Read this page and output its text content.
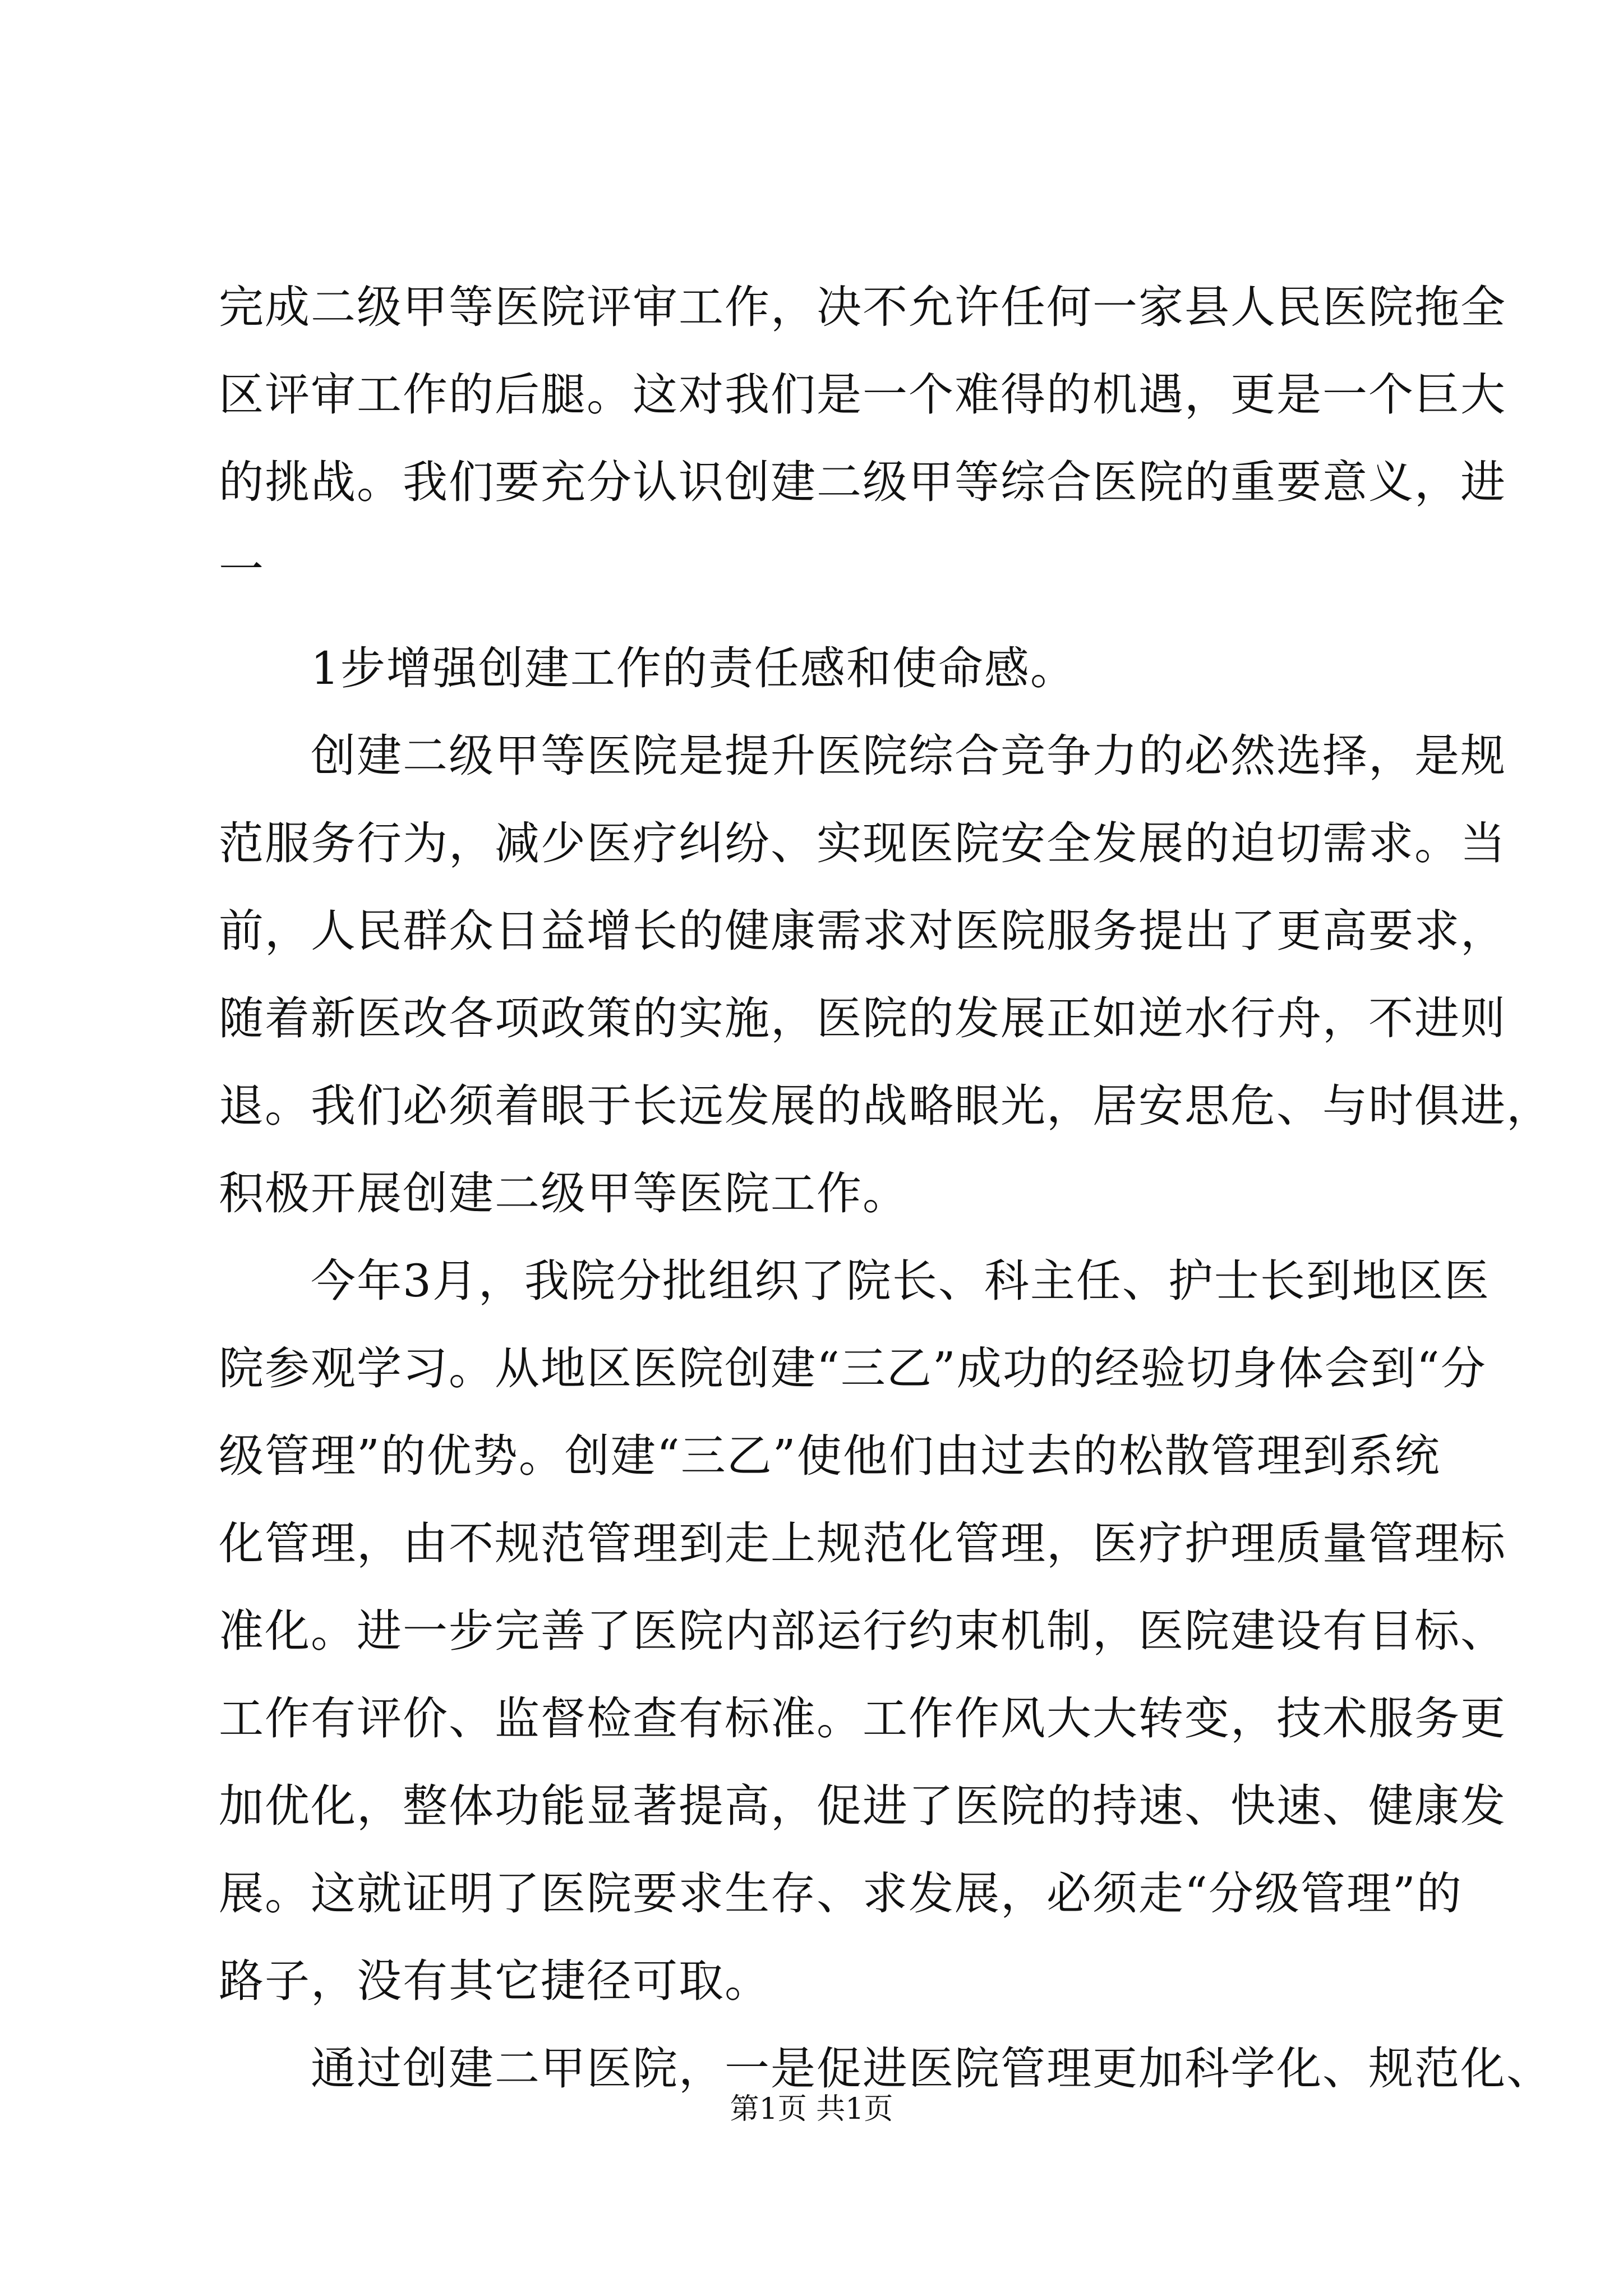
完成二级甲等医院评审工作，决不允许任何一家县人民医院拖全
区评审工作的后腿。这对我们是一个难得的机遇，更是一个巨大
的挑战。我们要充分认识创建二级甲等综合医院的重要意义，进
一
　　1步增强创建工作的责任感和使命感。
　　创建二级甲等医院是提升医院综合竞争力的必然选择，是规
范服务行为，减少医疗纠纷、实现医院安全发展的迫切需求。当
前，人民群众日益增长的健康需求对医院服务提出了更高要求，
随着新医改各项政策的实施，医院的发展正如逆水行舟，不进则
退。我们必须着眼于长远发展的战略眼光，居安思危、与时俱进，
积极开展创建二级甲等医院工作。
　　今年3月，我院分批组织了院长、科主任、护士长到地区医
院参观学习。从地区医院创建“三乙”成功的经验切身体会到“分
级管理”的优势。创建“三乙”使他们由过去的松散管理到系统
化管理，由不规范管理到走上规范化管理，医疗护理质量管理标
准化。进一步完善了医院内部运行约束机制，医院建设有目标、
工作有评价、监督检查有标准。工作作风大大转变，技术服务更
加优化，整体功能显著提高，促进了医院的持速、快速、健康发
展。这就证明了医院要求生存、求发展，必须走“分级管理”的
路子，没有其它捷径可取。
　　通过创建二甲医院，一是促进医院管理更加科学化、规范化、
第1页 共1页
